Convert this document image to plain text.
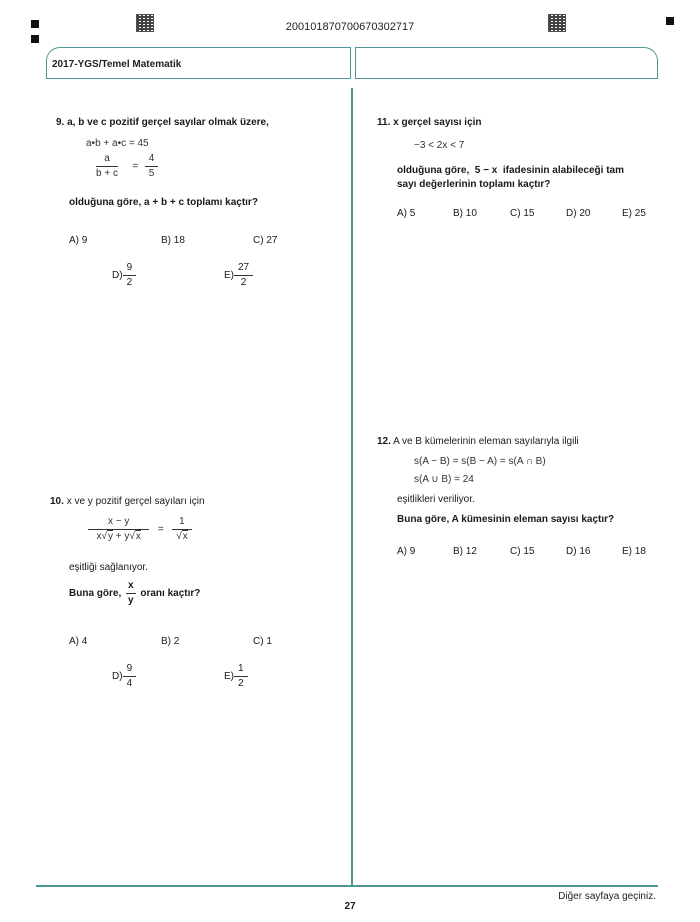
200101870700670302717
2017-YGS/Temel Matematik
9. a, b ve c pozitif gerçel sayılar olmak üzere,
a•b + a•c = 45
$\frac{a}{b + c} = \frac{4}{5}$
olduğuna göre, a + b + c toplamı kaçtır?
A) 9	B) 18	C) 27
$D) \frac{9}{2}$	$E) \frac{27}{2}$
10. x ve y pozitif gerçel sayıları için
$\frac{x - y}{x√y + y√x} = \frac{1}{√x}$
eşitliği sağlanıyor.
Buna göre, $\frac{x}{y}$ oranı kaçtır?
A) 4	B) 2	C) 1
$D) \frac{9}{4}$	$E) \frac{1}{2}$
11. x gerçel sayısı için
−3 < 2x < 7
olduğuna göre,  5 − x  ifadesinin alabileceği tam
sayı değerlerinin toplamı kaçtır?
A) 5	B) 10	C) 15	D) 20	E) 25
12. A ve B kümelerinin eleman sayılarıyla ilgili
s(A − B) = s(B − A) = s(A ∩ B)
s(A ∪ B) = 24
eşitlikleri veriliyor.
Buna göre, A kümesinin eleman sayısı kaçtır?
A) 9	B) 12	C) 15	D) 16	E) 18
Diğer sayfaya geçiniz.
27
